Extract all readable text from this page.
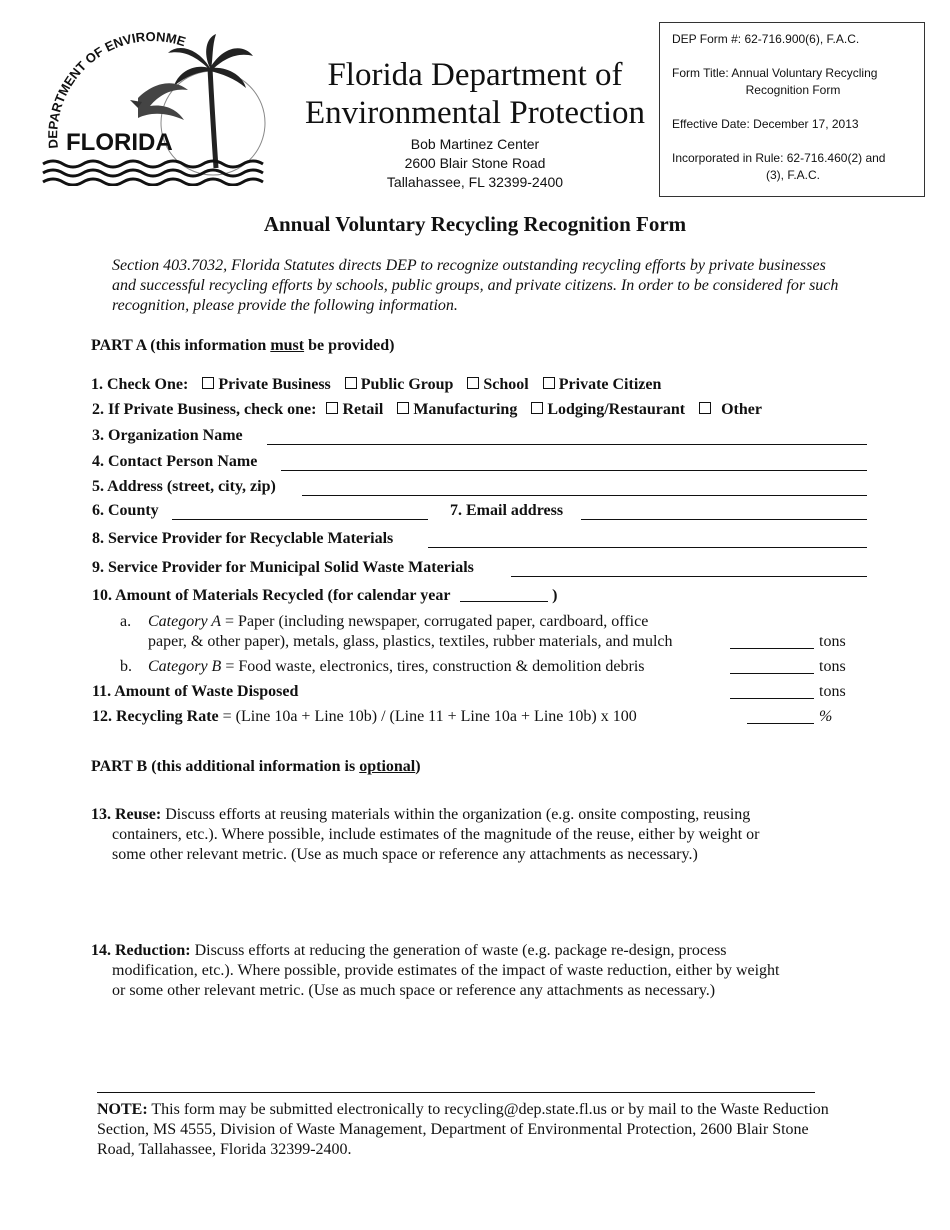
DEPARTMENT OF ENVIRONME
FLORIDA
Florida Department of
Environmental Protection
Bob Martinez Center
2600 Blair Stone Road
Tallahassee, FL 32399-2400

DEP Form #: 62-716.900(6), F.A.C.

Form Title: Annual Voluntary Recycling

Recognition Form

Effective Date: December 17, 2013

Incorporated in Rule: 62-716.460(2) and

(3), F.A.C.

Annual Voluntary Recycling Recognition Form
Section 403.7032, Florida Statutes directs DEP to recognize outstanding recycling efforts by private businesses and successful recycling efforts by schools, public groups, and private citizens. In order to be considered for such recognition, please provide the following information.
PART A (this information must be provided)
1. Check One: Private Business Public Group School Private Citizen
2. If Private Business, check one: Retail Manufacturing Lodging/Restaurant Other
3. Organization Name
4. Contact Person Name
5. Address (street, city, zip)
6. County	7. Email address
8. Service Provider for Recyclable Materials
9. Service Provider for Municipal Solid Waste Materials
10. Amount of Materials Recycled (for calendar year	)
a. Category A = Paper (including newspaper, corrugated paper, cardboard, office
paper, & other paper), metals, glass, plastics, textiles, rubber materials, and mulch	tons
b. Category B = Food waste, electronics, tires, construction & demolition debris	tons
11. Amount of Waste Disposed	tons
12. Recycling Rate = (Line 10a + Line 10b) / (Line 11 + Line 10a + Line 10b) x 100	%
PART B (this additional information is optional)
13. Reuse: Discuss efforts at reusing materials within the organization (e.g. onsite composting, reusing
containers, etc.). Where possible, include estimates of the magnitude of the reuse, either by weight or
some other relevant metric. (Use as much space or reference any attachments as necessary.)
14. Reduction: Discuss efforts at reducing the generation of waste (e.g. package re-design, process
modification, etc.). Where possible, provide estimates of the impact of waste reduction, either by weight
or some other relevant metric. (Use as much space or reference any attachments as necessary.)
NOTE: This form may be submitted electronically to recycling@dep.state.fl.us or by mail to the Waste Reduction Section, MS 4555, Division of Waste Management, Department of Environmental Protection, 2600 Blair Stone Road, Tallahassee, Florida 32399-2400.
